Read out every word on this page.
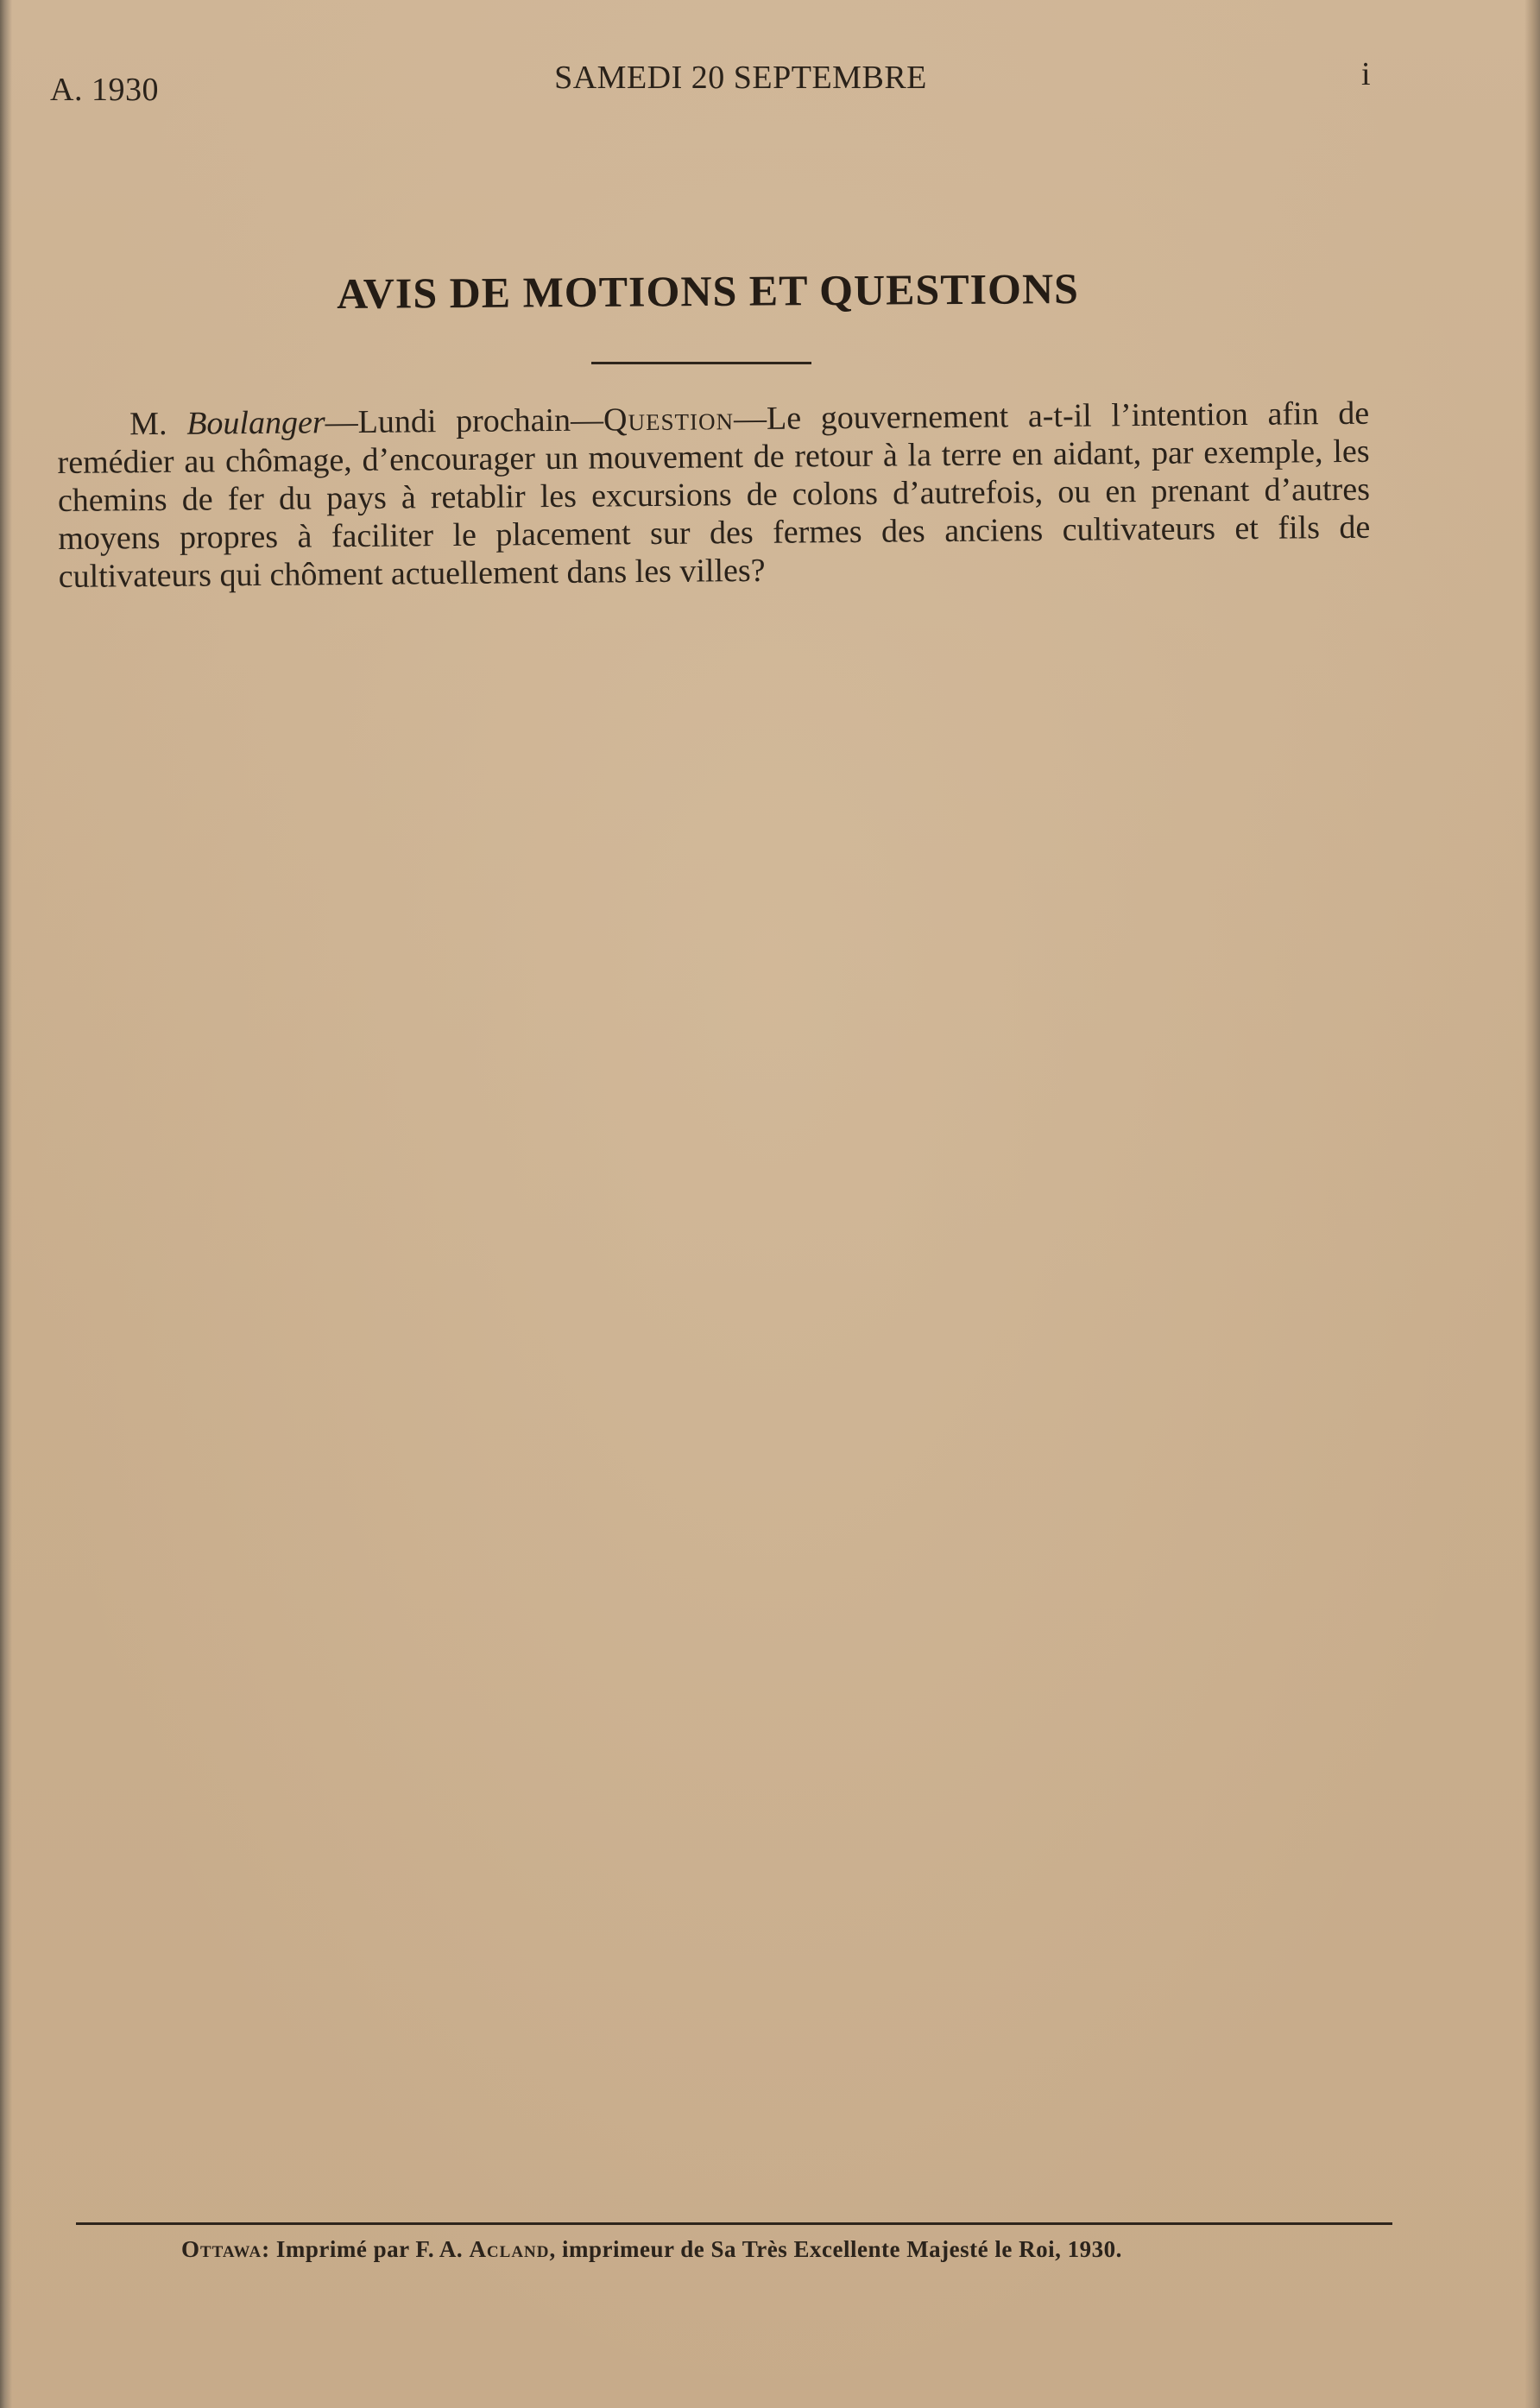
A. 1930	SAMEDI 20 SEPTEMBRE	i
AVIS DE MOTIONS ET QUESTIONS
M. Boulanger—Lundi prochain—Question—Le gouvernement a-t-il l’intention afin de remédier au chômage, d’encourager un mouvement de retour à la terre en aidant, par exemple, les chemins de fer du pays à retablir les excursions de colons d’autrefois, ou en prenant d’autres moyens propres à faciliter le placement sur des fermes des anciens cultivateurs et fils de cultivateurs qui chôment actuellement dans les villes?
Ottawa: Imprimé par F. A. Acland, imprimeur de Sa Très Excellente Majesté le Roi, 1930.
